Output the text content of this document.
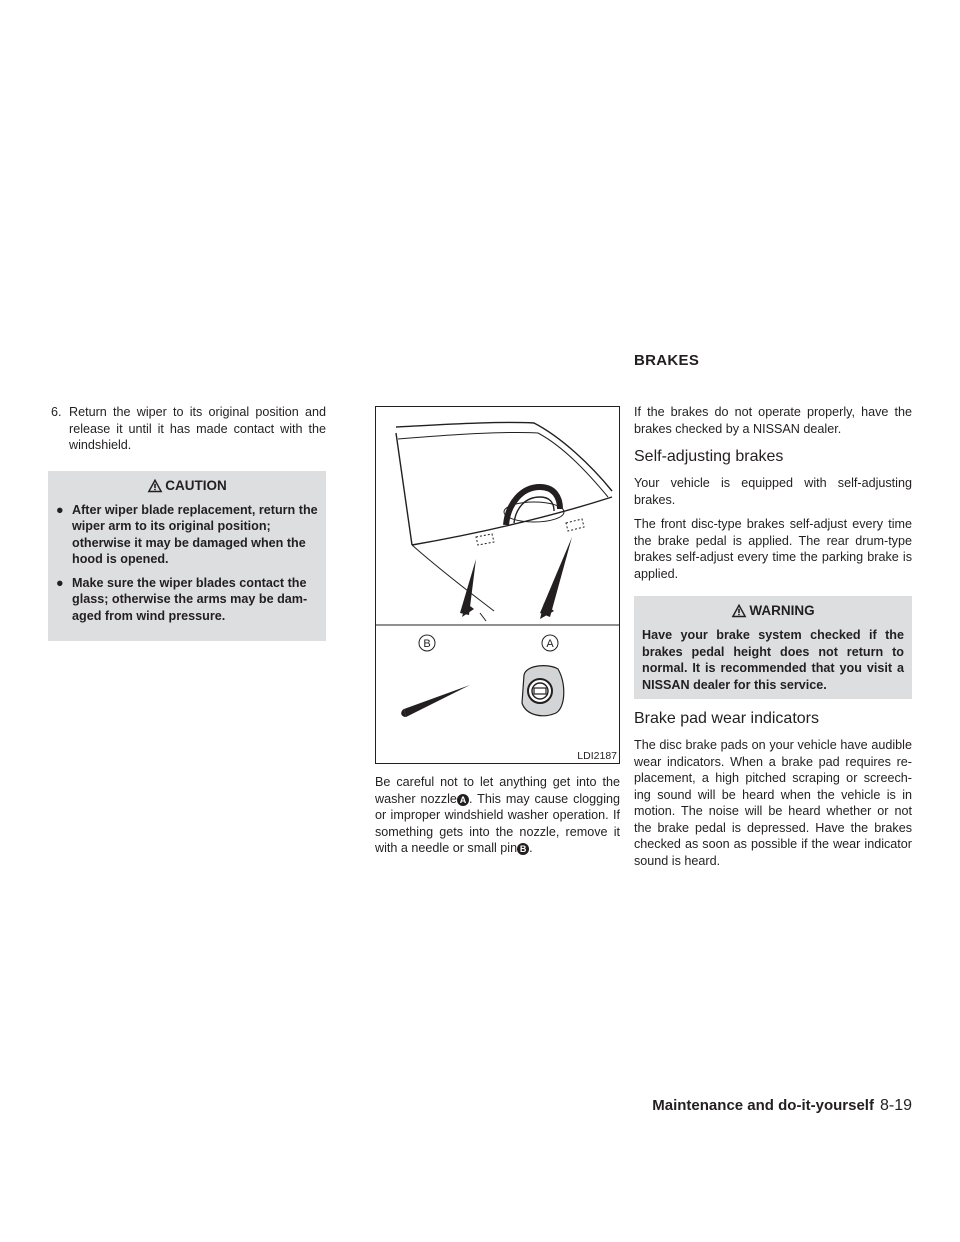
6. Return the wiper to its original position and release it until it has made contact with the windshield.
CAUTION
● After wiper blade replacement, return the wiper arm to its original position; otherwise it may be damaged when the hood is opened.
● Make sure the wiper blades contact the glass; otherwise the arms may be dam- aged from wind pressure.
B	A
LDI2187

Be careful not to let anything get into the washer nozzle A . This may cause clogging or improper windshield washer operation. If something gets into the nozzle, remove it with a needle or small pin B .

BRAKES

If the brakes do not operate properly, have the brakes checked by a NISSAN dealer.

Self-adjusting brakes

Your vehicle is equipped with self-adjusting brakes.

The front disc-type brakes self-adjust every time the brake pedal is applied. The rear drum-type brakes self-adjust every time the parking brake is applied.

WARNING
Have your brake system checked if the brakes pedal height does not return to normal. It is recommended that you visit a NISSAN dealer for this service.
Brake pad wear indicators

The disc brake pads on your vehicle have audible wear indicators. When a brake pad requires re- placement, a high pitched scraping or screech- ing sound will be heard when the vehicle is in motion. The noise will be heard whether or not the brake pedal is depressed. Have the brakes checked as soon as possible if the wear indicator sound is heard.

Maintenance and do-it-yourself 8-19
